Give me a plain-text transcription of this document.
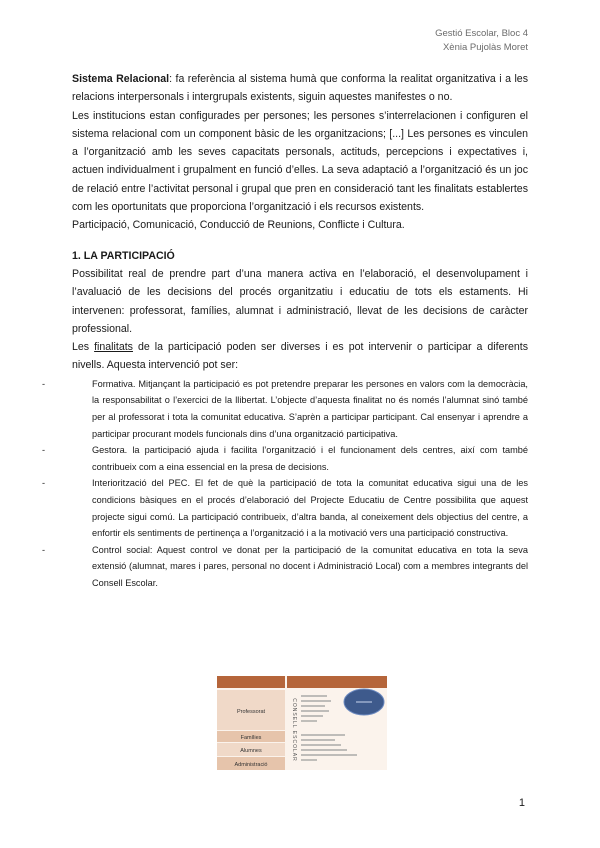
Gestió Escolar, Bloc 4
Xènia Pujolàs Moret

Sistema Relacional: fa referència al sistema humà que conforma la realitat organitzativa i a les relacions interpersonals i intergrupals existents, siguin aquestes manifestes o no.

Les institucions estan configurades per persones; les persones s’interrelacionen i configuren el sistema relacional com un component bàsic de les organitzacions; [...] Les persones es vinculen a l’organització amb les seves capacitats personals, actituds, percepcions i expectatives i, actuen individualment i grupalment en funció d’elles. La seva adaptació a l’organització és un joc de relació entre l’activitat personal i grupal que pren en consideració tant les finalitats establertes com les oportunitats que proporciona l’organització i els recursos existents.

Participació, Comunicació, Conducció de Reunions, Conflicte i Cultura.

1. LA PARTICIPACIÓ

Possibilitat real de prendre part d’una manera activa en l’elaboració, el desenvolupament i l’avaluació de les decisions del procés organitzatiu i educatiu de tots els estaments. Hi intervenen: professorat, famílies, alumnat i administració, llevat de les decisions de caràcter professional.

Les finalitats de la participació poden ser diverses i es pot intervenir o participar a diferents nivells. Aquesta intervenció pot ser:

-	Formativa. Mitjançant la participació es pot pretendre preparar les persones en valors com la democràcia, la responsabilitat o l’exercici de la llibertat. L’objecte d’aquesta finalitat no és només l’alumnat sinó també per al professorat i tota la comunitat educativa. S’aprèn a participar participant. Cal ensenyar i aprendre a participar procurant models funcionals dins d’una organització participativa.
-	Gestora. la participació ajuda i facilita l’organització i el funcionament dels centres, així com també contribueix com a eina essencial en la presa de decisions.
-	Interiorització del PEC. El fet de què la participació de tota la comunitat educativa sigui una de les condicions bàsiques en el procés d’elaboració del Projecte Educatiu de Centre possibilita que aquest projecte sigui comú. La participació contribueix, d’altra banda, al coneixement dels objectius del centre, a enfortir els sentiments de pertinença a l’organització i a la motivació vers una participació constructiva.
-	Control social: Aquest control ve donat per la participació de la comunitat educativa en tota la seva extensió (alumnat, mares i pares, personal no docent i Administració Local) com a membres integrants del Consell Escolar.
Professorat
Famílies
Alumnes
Administració
CONSELL ESCOLAR
1
